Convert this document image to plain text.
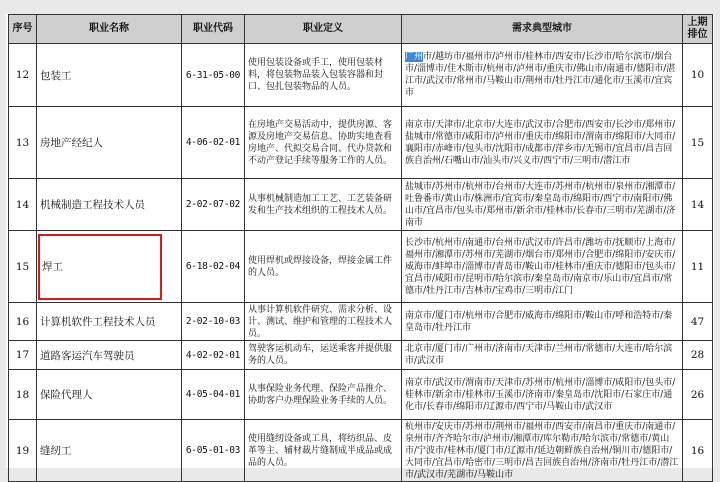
序号	职业名称	职业代码	职业定义	需求典型城市	上期排位
12	包装工	6-31-05-00	使用包装设备或手工，使用包装材料，将包装物品装入包装容器和封口、包扎包装物品的人员。	广州市/越坊市/福州市/泸州市/桂林市/西安市/长沙市/哈尔滨市/烟台市/淄博市/佳木斯市/杭州市/泸州市/重庆市/佛山市/南通市/德阳市/湛江市/武汉市/常州市/马鞍山市/荆州市/牡丹江市/通化市/玉溪市/宜宾市	10
13	房地产经纪人	4-06-02-01	在房地产交易活动中，提供房源、客源及房地产交易信息、协助实地查看房地产、代拟交易合同、代办贷款和不动产登记手续等服务工作的人员。	南京市/天津市/北京市/大连市/武汉市/合肥市/西安市/长沙市/郑州市/盐城市/常德市/咸阳市/泸州市/重庆市/绵阳市/渭南市/绵阳市/大同市/襄阳市/赤峰市/包头市/沈阳市/成都市/萍乡市/无锡市/宜昌市/昌吉回族自治州/石嘴山市/汕头市/兴义市/西宁市/三明市/潜江市	15
14	机械制造工程技术人员	2-02-07-02	从事机械制造加工工艺、工艺装备研发和生产技术组织的工程技术人员。	盐城市/苏州市/杭州市/台州市/大连市/苏州市/杭州市/泉州市/湘潭市/吐鲁番市/黄山市/株洲市/宜宾市/秦皇岛市/绵阳市/西宁市/南阳市/佛山市/宜昌市/包头市/郑州市/新余市/桂林市/长春市/三明市/芜湖市/济南市	14
15	焊工	6-18-02-04	使用焊机或焊接设备，焊接金属工件的人员。	长沙市/杭州市/南通市/台州市/武汉市/许昌市/潍坊市/抚顺市/上海市/福州市/湘潭市/苏州市/芜湖市/烟台市/郑州市/合肥市/绵阳市/安庆市/威海市/蚌埠市/淄博市/青岛市/鞍山市/桂林市/重庆市/德阳市/包头市/宜昌市/咸阳市/昆明市/哈尔滨市/秦皇岛市/南京市/乐山市/宜昌市/常德市/牡丹江市/吉林市/宝鸡市/三明市/江门	11
16	计算机软件工程技术人员	2-02-10-03	从事计算机软件研究、需求分析、设计、测试、维护和管理的工程技术人员。	南京市/厦门市/杭州市/合肥市/威海市/绵阳市/鞍山市/呼和浩特市/秦皇岛市/牡丹江市	47
17	道路客运汽车驾驶员	4-02-02-01	驾驶客运机动车，运送乘客并提供服务的人员。	北京市/厦门市/广州市/济南市/天津市/兰州市/常德市/大连市/哈尔滨市/武汉市	28
18	保险代理人	4-05-04-01	从事保险业务代理、保险产品推介、协助客户办理保险业务手续的人员。	南京市/武汉市/渭南市/天津市/苏州市/杭州市/淄博市/咸阳市/包头市/桂林市/新余市/桂林市/玉溪市/济南市/秦皇岛市/沈阳市/石家庄市/通化市/长春市/绵阳市/辽源市/西宁市/马鞍山市/武汉市	26
19	缝纫工	6-05-01-03	使用缝纫设备或工具，将纺织品、皮革等主、辅材裁片缝制成半成品或成品的人员。	杭州市/安庆市/苏州市/荆州市/福州市/西安市/南昌市/重庆市/南通市/泉州市/齐齐哈尔市/泸州市/湘潭市/库尔勒市/哈尔滨市/常德市/黄山市/宁波市/桂林市/厦门市/辽源市/延边朝鲜族自治州/铜川市/德阳市/大同市/宜昌市/哈密市/三明市/昌吉回族自治州/济南市/牡丹江市/潜江市/武汉市/芜湖市/马鞍山市	16
